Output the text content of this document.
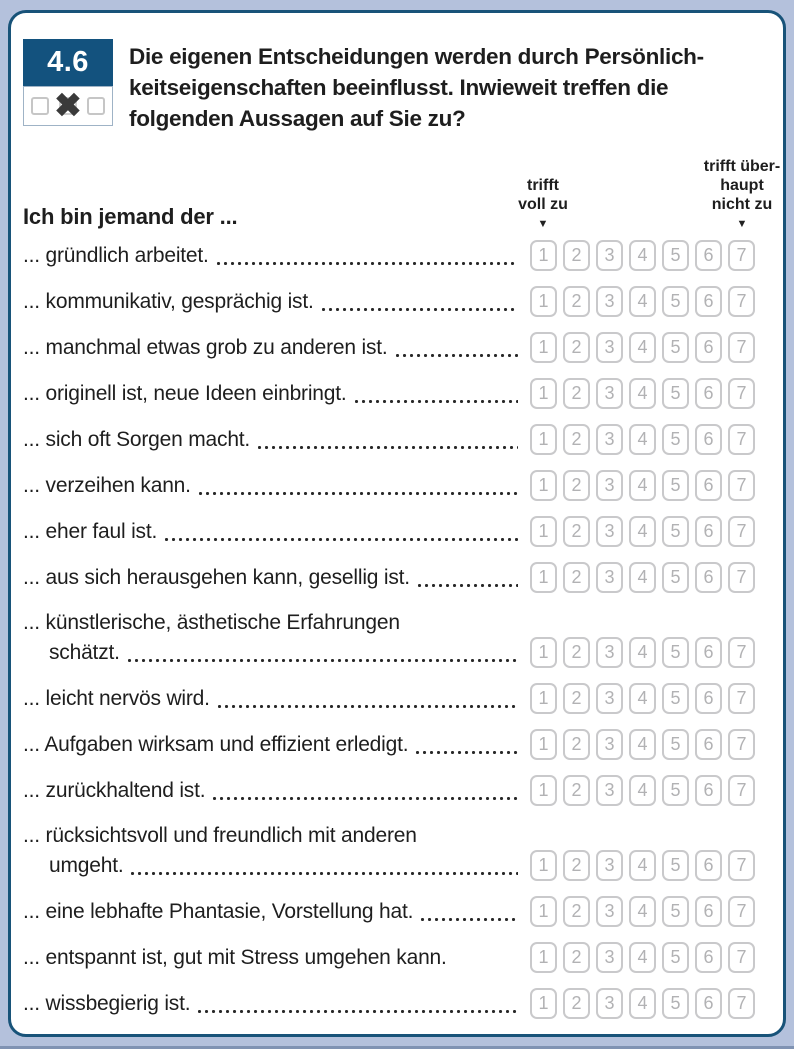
4.6
✖
Die eigenen Entscheidungen werden durch Persönlich-
keitseigenschaften beeinflusst. Inwieweit treffen die
folgenden Aussagen auf Sie zu?
Ich bin jemand der ...
trifft
voll zu
▼
trifft über-
haupt
nicht zu
▼
... gründlich arbeitet.	1	2	3	4	5	6	7
... kommunikativ, gesprächig ist.	1	2	3	4	5	6	7
... manchmal etwas grob zu anderen ist.	1	2	3	4	5	6	7
... originell ist, neue Ideen einbringt.	1	2	3	4	5	6	7
... sich oft Sorgen macht.	1	2	3	4	5	6	7
... verzeihen kann.	1	2	3	4	5	6	7
... eher faul ist.	1	2	3	4	5	6	7
... aus sich herausgehen kann, gesellig ist.	1	2	3	4	5	6	7
... künstlerische, ästhetische Erfahrungen
schätzt.	1	2	3	4	5	6	7
... leicht nervös wird.	1	2	3	4	5	6	7
... Aufgaben wirksam und effizient erledigt.	1	2	3	4	5	6	7
... zurückhaltend ist.	1	2	3	4	5	6	7
... rücksichtsvoll und freundlich mit anderen
umgeht.	1	2	3	4	5	6	7
... eine lebhafte Phantasie, Vorstellung hat.	1	2	3	4	5	6	7
... entspannt ist, gut mit Stress umgehen kann.	1	2	3	4	5	6	7
... wissbegierig ist.	1	2	3	4	5	6	7
